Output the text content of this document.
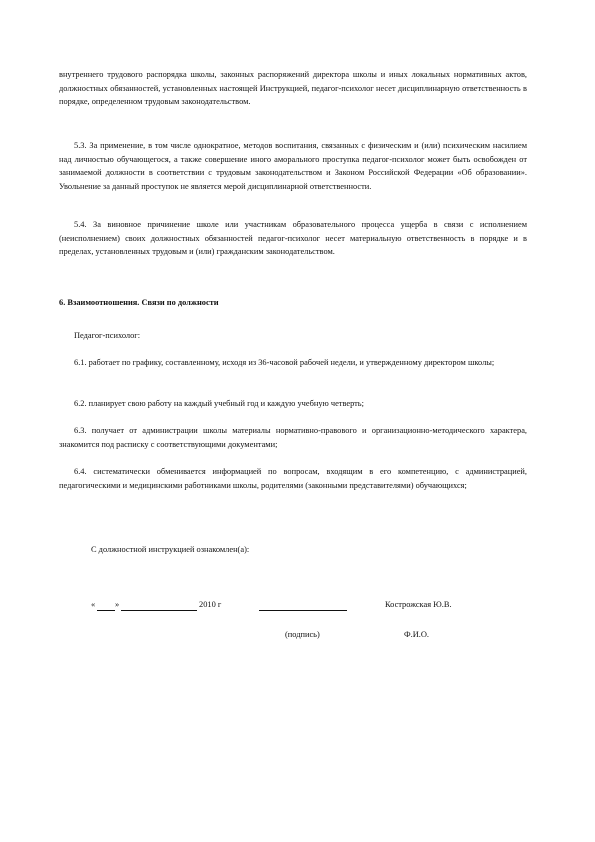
внутреннего трудового распорядка школы, законных распоряжений директора школы и иных локальных нормативных актов, должностных обязанностей, установленных настоящей Инструкцией, педагог-психолог несет дисциплинарную ответственность в порядке, определенном трудовым законодательством.

5.3. За применение, в том числе однократное, методов воспитания, связанных с физическим и (или) психическим насилием над личностью обучающегося, а также совершение иного аморального проступка педагог-психолог может быть освобожден от занимаемой должности в соответствии с трудовым законодательством и Законом Российской Федерации «Об образовании». Увольнение за данный проступок не является мерой дисциплинарной ответственности.

5.4. За виновное причинение школе или участникам образовательного процесса ущерба в связи с исполнением (неисполнением) своих должностных обязанностей педагог-психолог несет материальную ответственность в порядке и в пределах, установленных трудовым и (или) гражданским законодательством.

6. Взаимоотношения. Связи по должности

Педагог-психолог:

6.1. работает по графику, составленному, исходя из 36-часовой рабочей недели, и утвержденному директором школы;

6.2. планирует свою работу на каждый учебный год и каждую учебную четверть;

6.3. получает от администрации школы материалы нормативно-правового и организационно-методического характера, знакомится под расписку с соответствующими документами;

6.4. систематически обменивается информацией по вопросам, входящим в его компетенцию, с администрацией, педагогическими и медицинскими работниками школы, родителями (законными представителями) обучающихся;

С должностной инструкцией ознакомлен(а):

« »	2010 г	Кострожская Ю.В.
(подпись)	Ф.И.О.
